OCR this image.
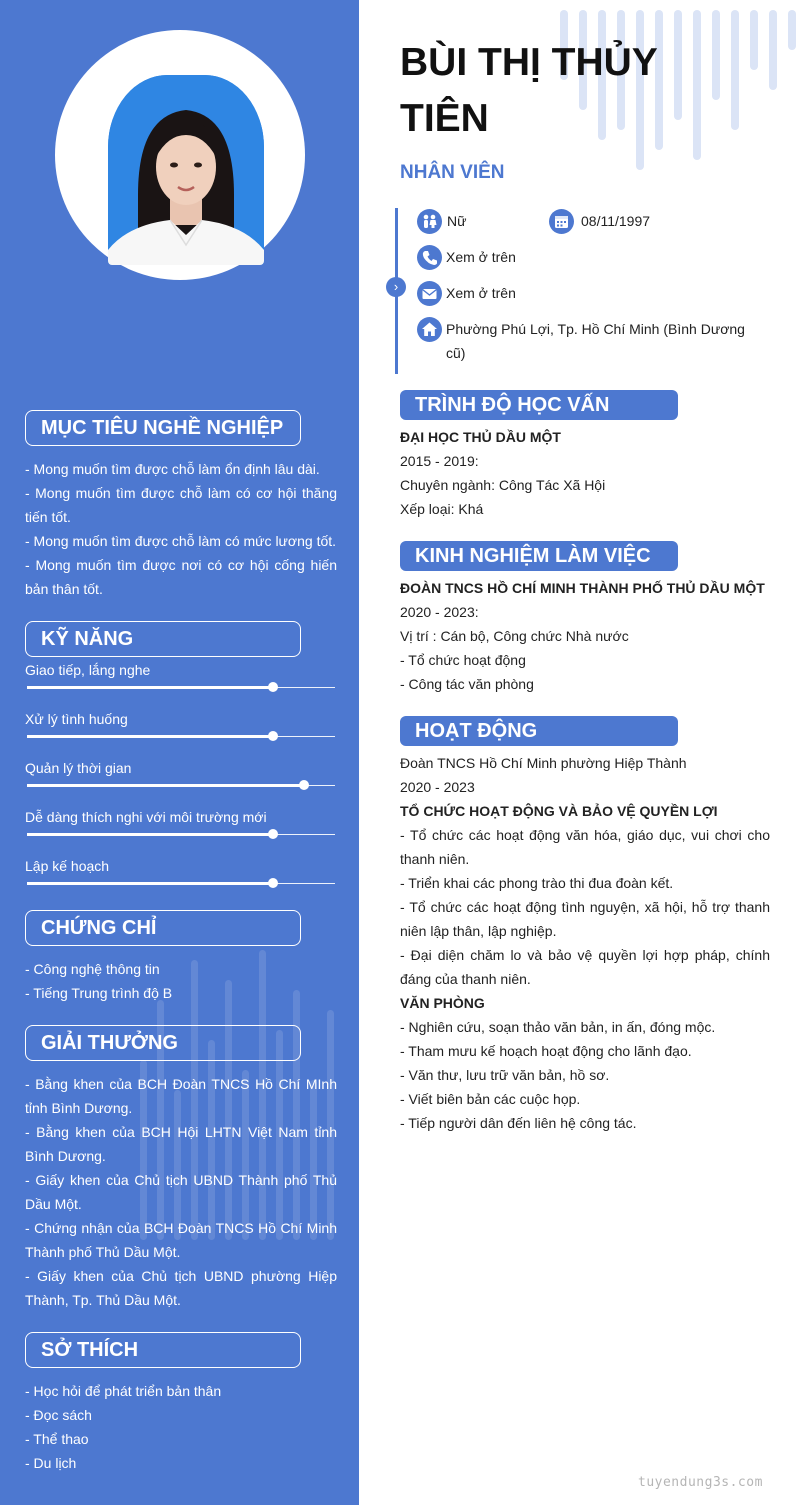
MỤC TIÊU NGHỀ NGHIỆP
- Mong muốn tìm được chỗ làm ổn định lâu dài.
- Mong muốn tìm được chỗ làm có cơ hội thăng tiến tốt.
- Mong muốn tìm được chỗ làm có mức lương tốt.
- Mong muốn tìm được nơi có cơ hội cống hiến bản thân tốt.
KỸ NĂNG
Giao tiếp, lắng nghe
Xử lý tình huống
Quản lý thời gian
Dễ dàng thích nghi với môi trường mới
Lập kế hoạch
CHỨNG CHỈ
- Công nghệ thông tin
- Tiếng Trung trình độ B
GIẢI THƯỞNG
- Bằng khen của BCH Đoàn TNCS Hồ Chí MInh tỉnh Bình Dương.
- Bằng khen của BCH Hội LHTN Việt Nam tỉnh Bình Dương.
- Giấy khen của Chủ tịch UBND Thành phố Thủ Dầu Một.
- Chứng nhận của BCH Đoàn TNCS Hồ Chí Minh Thành phố Thủ Dầu Một.
- Giấy khen của Chủ tịch UBND phường Hiệp Thành, Tp. Thủ Dầu Một.
SỞ THÍCH
- Học hỏi để phát triển bản thân
- Đọc sách
- Thể thao
- Du lịch
BÙI THỊ THỦY TIÊN
NHÂN VIÊN
›
Nữ	08/11/1997
Xem ở trên
Xem ở trên
Phường Phú Lợi, Tp. Hồ Chí Minh (Bình Dương cũ)
TRÌNH ĐỘ HỌC VẤN
ĐẠI HỌC THỦ DẦU MỘT
2015 - 2019:
Chuyên ngành: Công Tác Xã Hội
Xếp loại: Khá
KINH NGHIỆM LÀM VIỆC
ĐOÀN TNCS HỒ CHÍ MINH THÀNH PHỐ THỦ DẦU MỘT
2020 - 2023:
Vị trí : Cán bộ, Công chức Nhà nước
- Tổ chức hoạt động
- Công tác văn phòng
HOẠT ĐỘNG
Đoàn TNCS Hồ Chí Minh phường Hiệp Thành
2020 - 2023
TỔ CHỨC HOẠT ĐỘNG VÀ BẢO VỆ QUYỀN LỢI
- Tổ chức các hoạt động văn hóa, giáo dục, vui chơi cho thanh niên.
- Triển khai các phong trào thi đua đoàn kết.
- Tổ chức các hoạt động tình nguyện, xã hội, hỗ trợ thanh niên lập thân, lập nghiệp.
- Đại diện chăm lo và bảo vệ quyền lợi hợp pháp, chính đáng của thanh niên.
VĂN PHÒNG
- Nghiên cứu, soạn thảo văn bản, in ấn, đóng mộc.
- Tham mưu kế hoạch hoạt động cho lãnh đạo.
- Văn thư, lưu trữ văn bản, hồ sơ.
- Viết biên bản các cuộc họp.
- Tiếp người dân đến liên hệ công tác.
tuyendung3s.com
